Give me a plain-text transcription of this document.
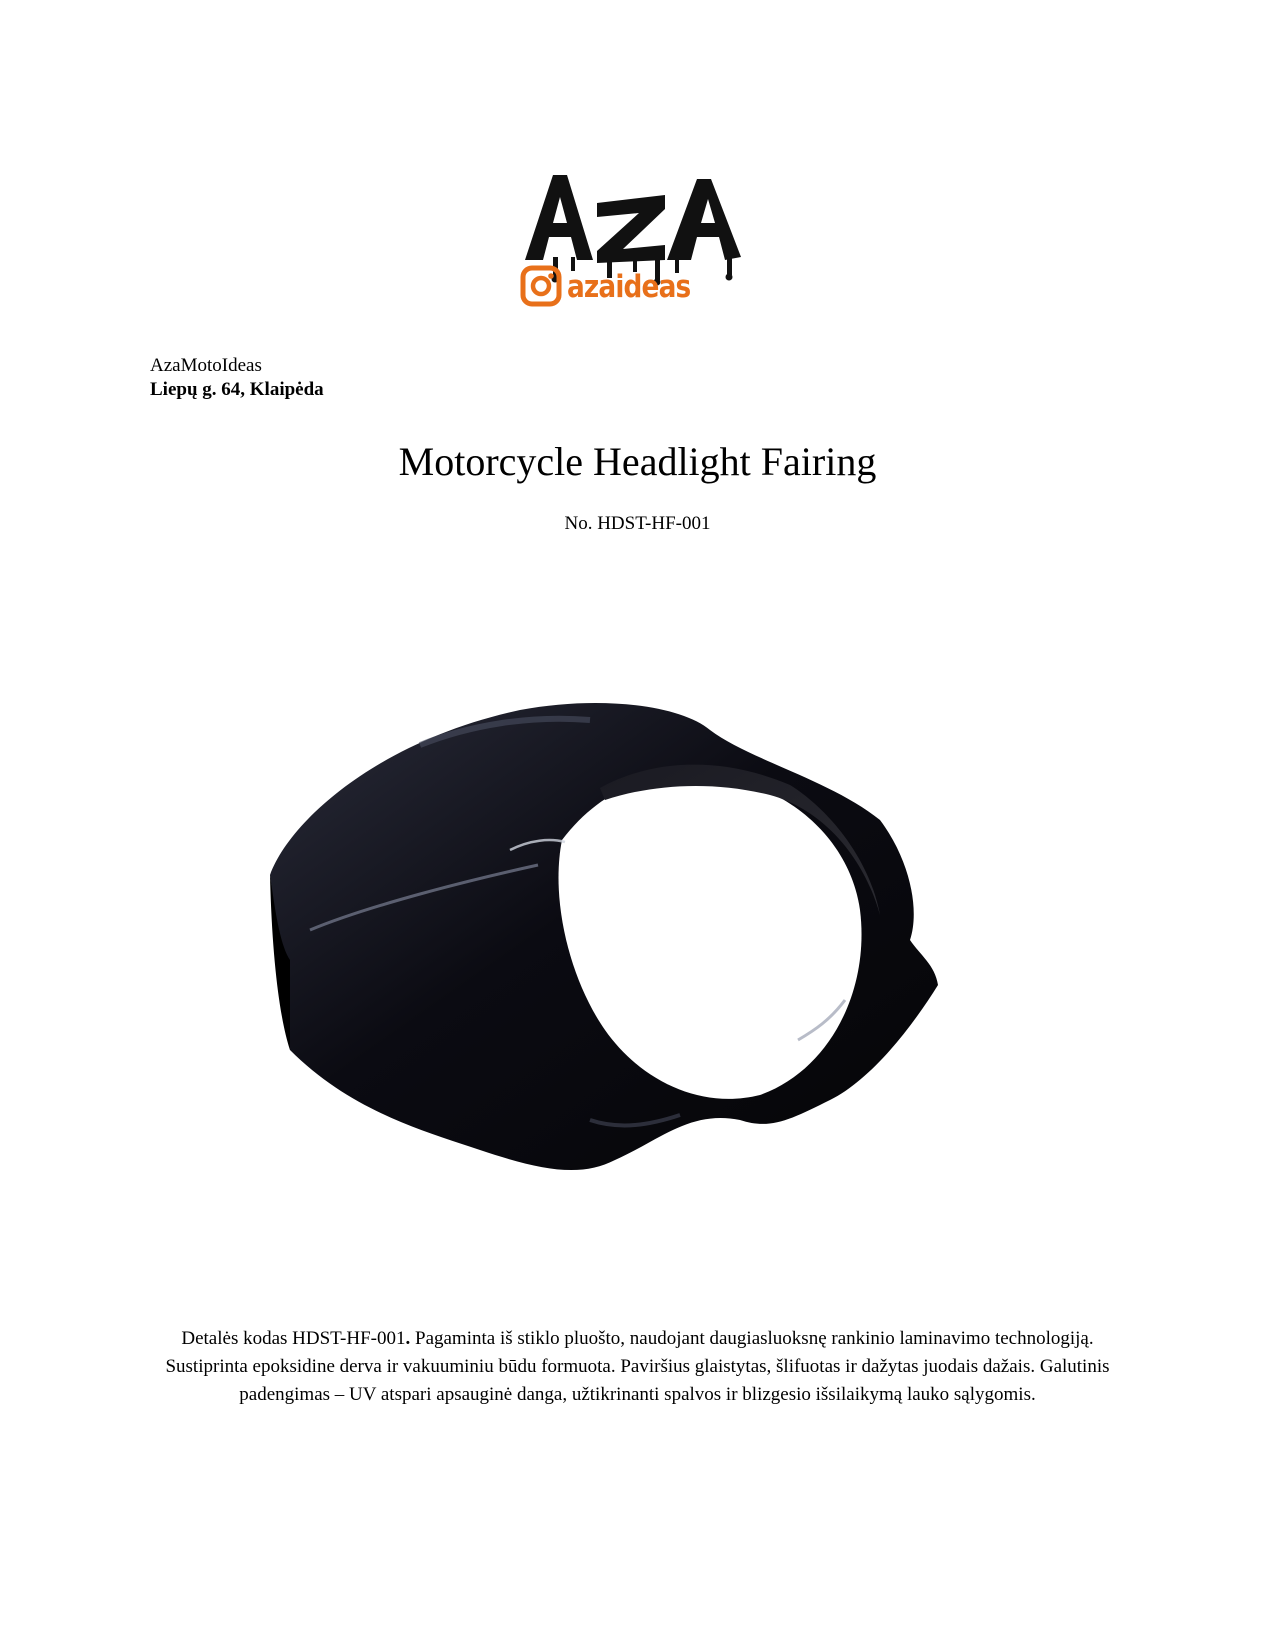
azaideas
AzaMotoIdeas
Liepų g. 64, Klaipėda
Motorcycle Headlight Fairing
No. HDST-HF-001
Detalės kodas HDST-HF-001. Pagaminta iš stiklo pluošto, naudojant daugiasluoksnę rankinio laminavimo technologiją. Sustiprinta epoksidine derva ir vakuuminiu būdu formuota. Paviršius glaistytas, šlifuotas ir dažytas juodais dažais. Galutinis padengimas – UV atspari apsauginė danga, užtikrinanti spalvos ir blizgesio išsilaikymą lauko sąlygomis.
